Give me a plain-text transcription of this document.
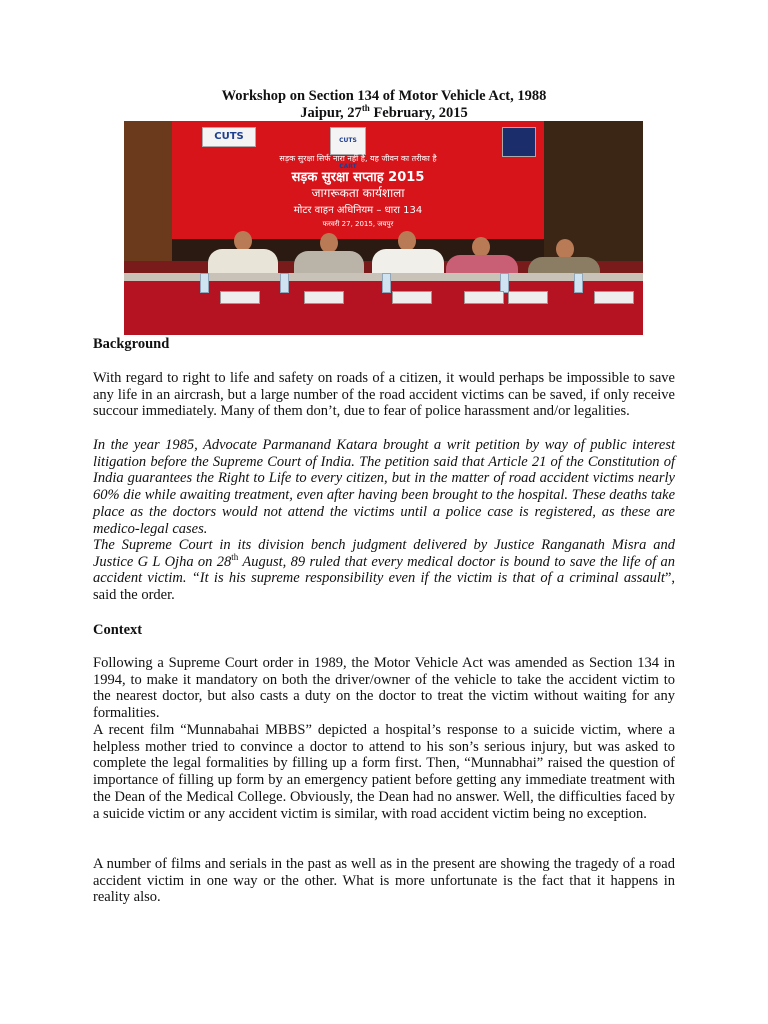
Workshop on Section 134 of Motor Vehicle Act, 1988
Jaipur, 27th February, 2015
CUTS	CUTS CART
सड़क सुरक्षा सिर्फ नारा नहीं है, यह जीवन का तरीका है
सड़क सुरक्षा सप्ताह 2015
जागरूकता कार्यशाला
मोटर वाहन अधिनियम – धारा 134
फरवरी 27, 2015, जयपुर
Background
With regard to right to life and safety on roads of a citizen, it would perhaps be impossible to save any life in an aircrash, but a large number of the road accident victims can be saved, if only receive succour immediately. Many of them don’t, due to fear of police harassment and/or legalities.
In the year 1985, Advocate Parmanand Katara brought a writ petition by way of public interest litigation before the Supreme Court of India. The petition said that Article 21 of the Constitution of India guarantees the Right to Life to every citizen, but in the matter of road accident victims nearly 60% die while awaiting treatment, even after having been brought to the hospital. These deaths take place as the doctors would not attend the victims until a police case is registered, as these are medico-legal cases.
The Supreme Court in its division bench judgment delivered by Justice Ranganath Misra and Justice G L Ojha on 28th August, 89 ruled that every medical doctor is bound to save the life of an accident victim. “It is his supreme responsibility even if the victim is that of a criminal assault”, said the order.
Context
Following a Supreme Court order in 1989, the Motor Vehicle Act was amended as Section 134 in 1994, to make it mandatory on both the driver/owner of the vehicle to take the accident victim to the nearest doctor, but also casts a duty on the doctor to treat the victim without waiting for any formalities.
A recent film “Munnabahai MBBS” depicted a hospital’s response to a suicide victim, where a helpless mother tried to convince a doctor to attend to his son’s serious injury, but was asked to complete the legal formalities by filling up a form first. Then, “Munnabhai” raised the question of importance of filling up form by an emergency patient before getting any immediate treatment with the Dean of the Medical College. Obviously, the Dean had no answer. Well, the difficulties faced by a suicide victim or any accident victim is similar, with road accident victim being no exception.
A number of films and serials in the past as well as in the present are showing the tragedy of a road accident victim in one way or the other. What is more unfortunate is the fact that it happens in reality also.
